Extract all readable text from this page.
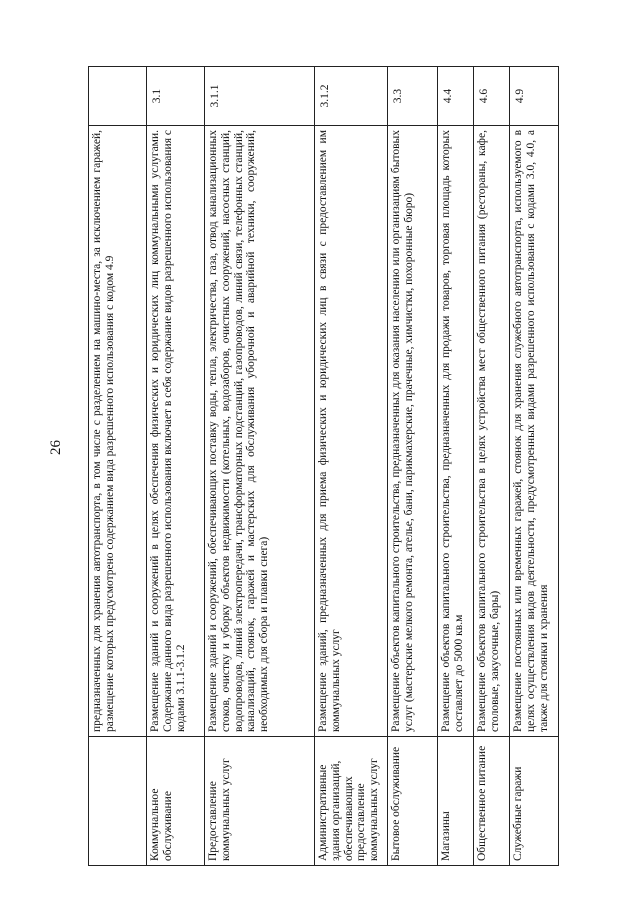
26
	предназначенных для хранения автотранспорта, в том числе с разделением на машино-места, за исключением гаражей, размещение которых предусмотрено содержанием вида разрешенного использования с кодом 4.9	
Коммунальное обслуживание	Размещение зданий и сооружений в целях обеспечения физических и юридических лиц коммунальными услугами. Содержание данного вида разрешенного использования включает в себя содержание видов разрешенного использования с кодами 3.1.1-3.1.2	3.1
Предоставление коммунальных услуг	Размещение зданий и сооружений, обеспечивающих поставку воды, тепла, электричества, газа, отвод канализационных стоков, очистку и уборку объектов недвижимости (котельных, водозаборов, очистных сооружений, насосных станций, водопроводов, линий электропередачи, трансформаторных подстанций, газопроводов, линий связи, телефонных станций, канализаций, стоянок, гаражей и мастерских для обслуживания уборочной и аварийной техники, сооружений, необходимых для сбора и плавки снега)	3.1.1
Административные здания организаций, обеспечивающих предоставление коммунальных услуг	Размещение зданий, предназначенных для приема физических и юридических лиц в связи с предоставлением им коммунальных услуг	3.1.2
Бытовое обслуживание	Размещение объектов капитального строительства, предназначенных для оказания населению или организациям бытовых услуг (мастерские мелкого ремонта, ателье, бани, парикмахерские, прачечные, химчистки, похоронные бюро)	3.3
Магазины	Размещение объектов капитального строительства, предназначенных для продажи товаров, торговая площадь которых составляет до 5000 кв.м	4.4
Общественное питание	Размещение объектов капитального строительства в целях устройства мест общественного питания (рестораны, кафе, столовые, закусочные, бары)	4.6
Служебные гаражи	Размещение постоянных или временных гаражей, стоянок для хранения служебного автотранспорта, используемого в целях осуществления видов деятельности, предусмотренных видами разрешенного использования с кодами 3.0, 4.0, а также для стоянки и хранения	4.9
